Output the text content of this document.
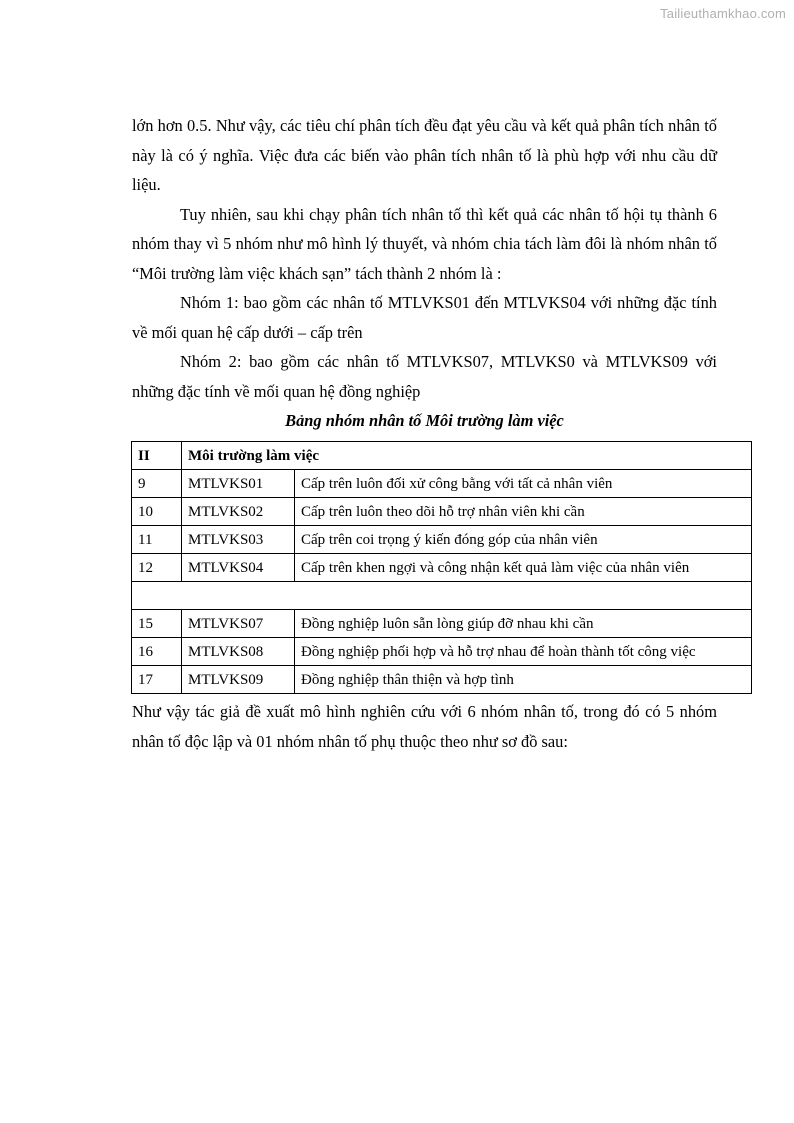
Tailieuthamkhao.com

lớn hơn 0.5. Như vậy, các tiêu chí phân tích đều đạt yêu cầu và kết quả phân tích nhân tố này là có ý nghĩa. Việc đưa các biến vào phân tích nhân tố là phù hợp với nhu cầu dữ liệu.

Tuy nhiên, sau khi chạy phân tích nhân tố thì kết quả các nhân tố hội tụ thành 6 nhóm thay vì 5 nhóm như mô hình lý thuyết, và nhóm chia tách làm đôi là nhóm nhân tố “Môi trường làm việc khách sạn” tách thành 2 nhóm là :

Nhóm 1: bao gồm các nhân tố MTLVKS01 đến MTLVKS04 với những đặc tính về mối quan hệ cấp dưới – cấp trên

Nhóm 2: bao gồm các nhân tố MTLVKS07, MTLVKS0 và MTLVKS09 với những đặc tính về mối quan hệ đồng nghiệp

Bảng nhóm nhân tố Môi trường làm việc

II	Môi trường làm việc	
9	MTLVKS01	Cấp trên luôn đối xử công bằng với tất cả nhân viên
10	MTLVKS02	Cấp trên luôn theo dõi hỗ trợ nhân viên khi cần
11	MTLVKS03	Cấp trên coi trọng ý kiến đóng góp của nhân viên
12	MTLVKS04	Cấp trên khen ngợi và công nhận kết quả làm việc của nhân viên

15	MTLVKS07	Đồng nghiệp luôn sẵn lòng giúp đỡ nhau khi cần
16	MTLVKS08	Đồng nghiệp phối hợp và hỗ trợ nhau để hoàn thành tốt công việc
17	MTLVKS09	Đồng nghiệp thân thiện và hợp tình

Như vậy tác giả đề xuất mô hình nghiên cứu với 6 nhóm nhân tố, trong đó có 5 nhóm nhân tố độc lập và 01 nhóm nhân tố phụ thuộc theo như sơ đồ sau:
